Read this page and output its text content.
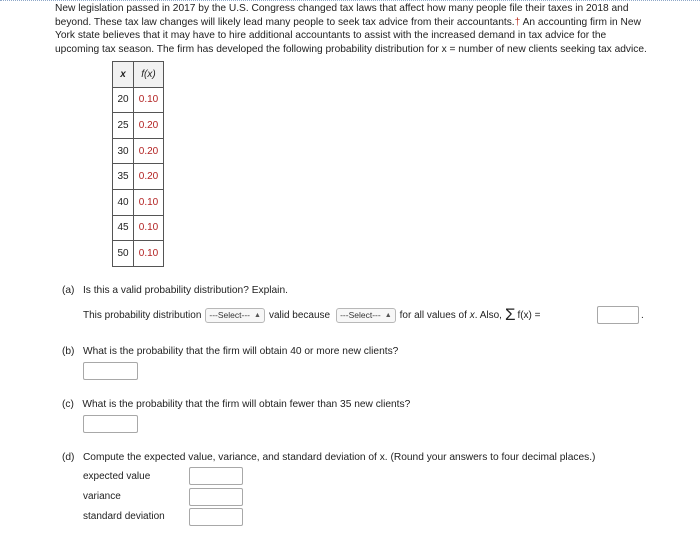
New legislation passed in 2017 by the U.S. Congress changed tax laws that affect how many people file their taxes in 2018 and
beyond. These tax law changes will likely lead many people to seek tax advice from their accountants.† An accounting firm in New
York state believes that it may have to hire additional accountants to assist with the increased demand in tax advice for the
upcoming tax season. The firm has developed the following probability distribution for x = number of new clients seeking tax advice.
x	f(x)
20	0.10
25	0.20
30	0.20
35	0.20
40	0.10
45	0.10
50	0.10
(a) Is this a valid probability distribution? Explain.
This probability distribution ---Select--- ▲︎ valid because ---Select--- ▲︎ for all values of
x . Also, Σ f(x) =	.
(b) What is the probability that the firm will obtain 40 or more new clients?
(c) What is the probability that the firm will obtain fewer than 35 new clients?
(d) Compute the expected value, variance, and standard deviation of x. (Round your answers to four decimal places.)
expected value
variance
standard deviation
